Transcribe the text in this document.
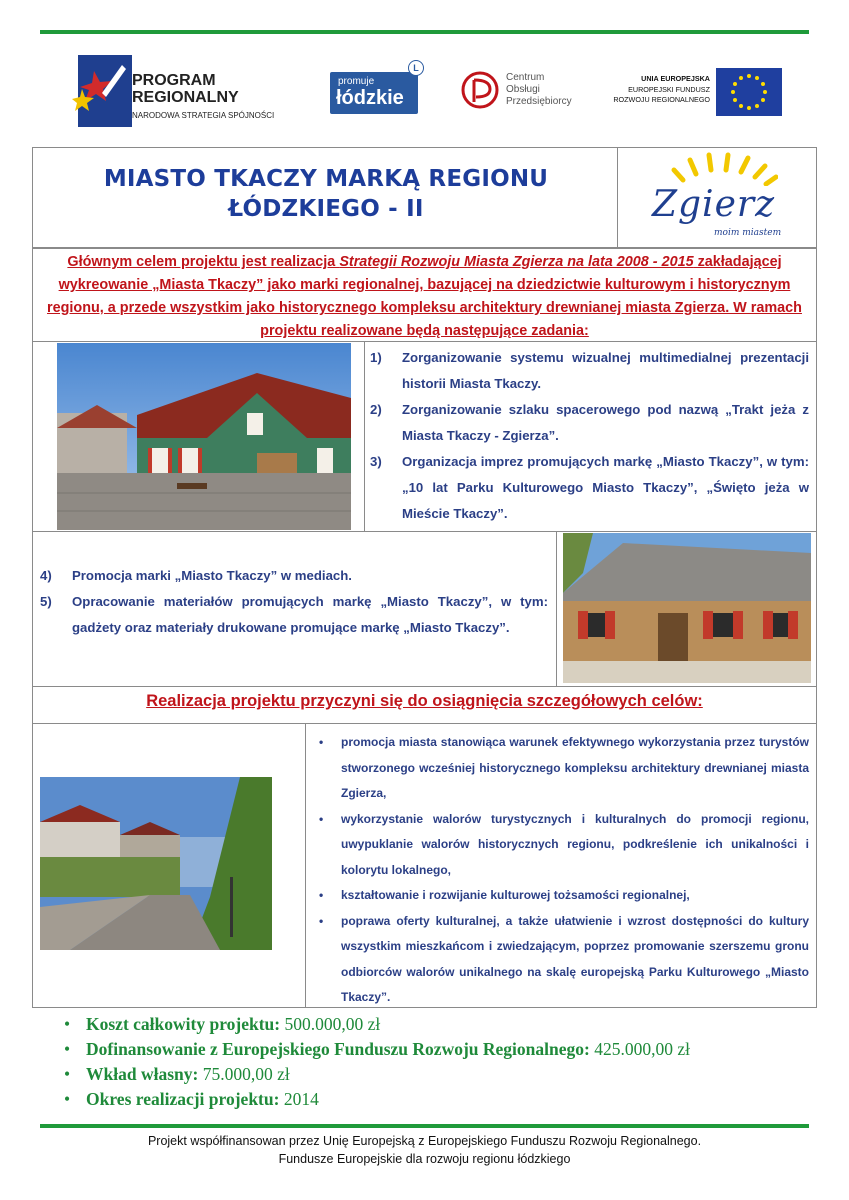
PROGRAM
REGIONALNY
NARODOWA STRATEGIA SPÓJNOŚCI
promuje
łódzkie
L
Centrum
Obsługi
Przedsiębiorcy
UNIA EUROPEJSKA
EUROPEJSKI FUNDUSZ
ROZWOJU REGIONALNEGO
MIASTO TKACZY MARKĄ REGIONU
ŁÓDZKIEGO - II	Zgierz
moim miastem
Głównym celem projektu jest realizacja Strategii Rozwoju Miasta Zgierza na lata 2008 - 2015 zakładającej wykreowanie „Miasta Tkaczy” jako marki regionalnej, bazującej na dziedzictwie kulturowym i historycznym regionu, a przede wszystkim jako historycznego kompleksu architektury drewnianej miasta Zgierza. W ramach projektu realizowane będą następujące zadania:
1) Zorganizowanie systemu wizualnej multimedialnej prezentacji historii Miasta Tkaczy.
2) Zorganizowanie szlaku spacerowego pod nazwą „Trakt jeża z Miasta Tkaczy - Zgierza”.
3) Organizacja imprez promujących markę „Miasto Tkaczy”, w tym: „10 lat Parku Kulturowego Miasto Tkaczy”, „Święto jeża w Mieście Tkaczy”.
4) Promocja marki „Miasto Tkaczy” w mediach.
5) Opracowanie materiałów promujących markę „Miasto Tkaczy”, w tym: gadżety oraz materiały drukowane promujące markę „Miasto Tkaczy”.
Realizacja projektu przyczyni się do osiągnięcia szczegółowych celów:
• promocja miasta stanowiąca warunek efektywnego wykorzystania przez turystów stworzonego wcześniej historycznego kompleksu architektury drewnianej miasta Zgierza,
• wykorzystanie walorów turystycznych i kulturalnych do promocji regionu, uwypuklanie walorów historycznych regionu, podkreślenie ich unikalności i kolorytu lokalnego,
• kształtowanie i rozwijanie kulturowej tożsamości regionalnej,
• poprawa oferty kulturalnej, a także ułatwienie i wzrost dostępności do kultury wszystkim mieszkańcom i zwiedzającym, poprzez promowanie szerszemu gronu odbiorców walorów unikalnego na skalę europejską Parku Kulturowego „Miasto Tkaczy”.
• Koszt całkowity projektu: 500.000,00 zł
• Dofinansowanie z Europejskiego Funduszu Rozwoju Regionalnego: 425.000,00 zł
• Wkład własny: 75.000,00 zł
• Okres realizacji projektu: 2014
Projekt współfinansowan przez Unię Europejską z Europejskiego Funduszu Rozwoju Regionalnego.
Fundusze Europejskie dla rozwoju regionu łódzkiego
